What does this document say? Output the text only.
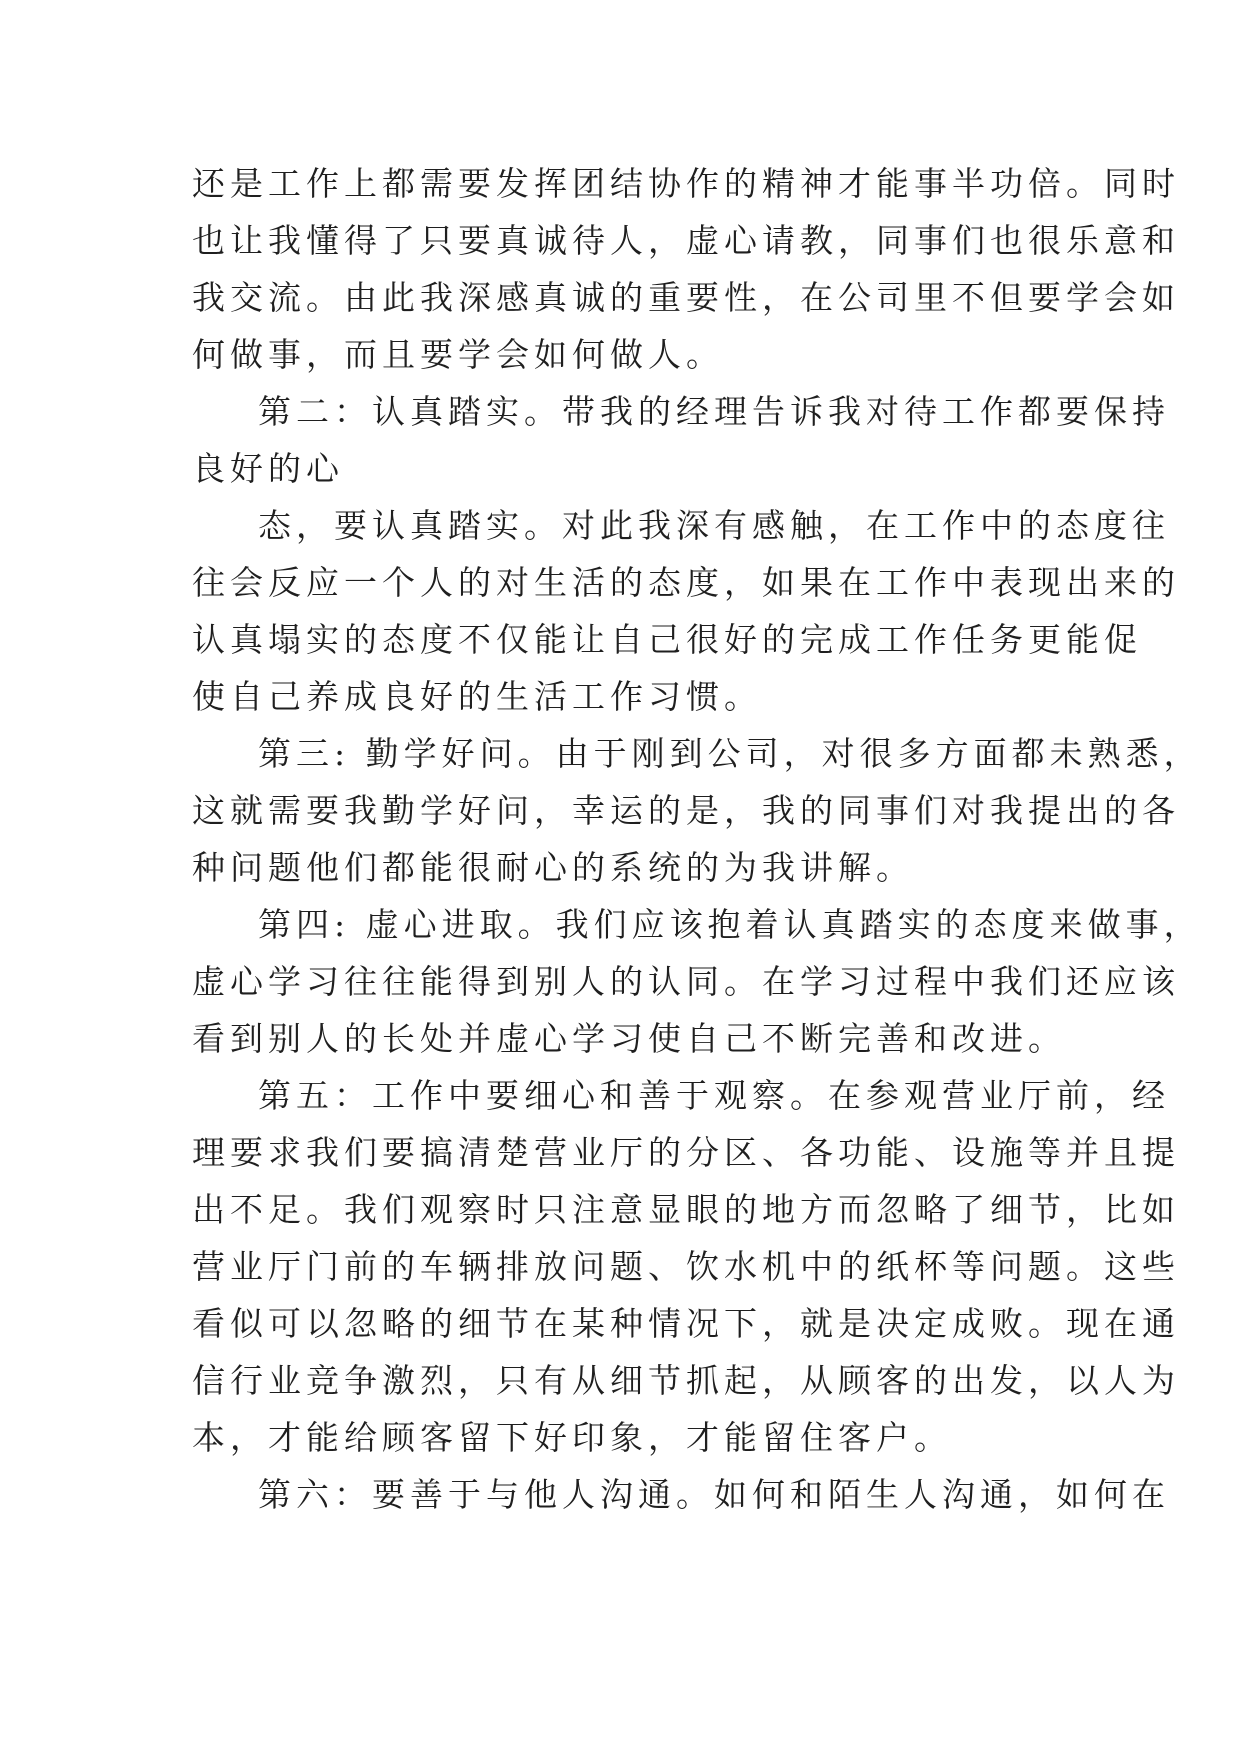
还是工作上都需要发挥团结协作的精神才能事半功倍。同时
也让我懂得了只要真诚待人，虚心请教，同事们也很乐意和
我交流。由此我深感真诚的重要性，在公司里不但要学会如
何做事，而且要学会如何做人。
第二：认真踏实。带我的经理告诉我对待工作都要保持
良好的心
态，要认真踏实。对此我深有感触，在工作中的态度往
往会反应一个人的对生活的态度，如果在工作中表现出来的
认真塌实的态度不仅能让自己很好的完成工作任务更能促
使自己养成良好的生活工作习惯。
第三: 勤学好问。由于刚到公司，对很多方面都未熟悉，
这就需要我勤学好问，幸运的是，我的同事们对我提出的各
种问题他们都能很耐心的系统的为我讲解。
第四: 虚心进取。我们应该抱着认真踏实的态度来做事，
虚心学习往往能得到别人的认同。在学习过程中我们还应该
看到别人的长处并虚心学习使自己不断完善和改进。
第五：工作中要细心和善于观察。在参观营业厅前，经
理要求我们要搞清楚营业厅的分区、各功能、设施等并且提
出不足。我们观察时只注意显眼的地方而忽略了细节，比如
营业厅门前的车辆排放问题、饮水机中的纸杯等问题。这些
看似可以忽略的细节在某种情况下，就是决定成败。现在通
信行业竞争激烈，只有从细节抓起，从顾客的出发，以人为
本，才能给顾客留下好印象，才能留住客户。
第六：要善于与他人沟通。如何和陌生人沟通，如何在
